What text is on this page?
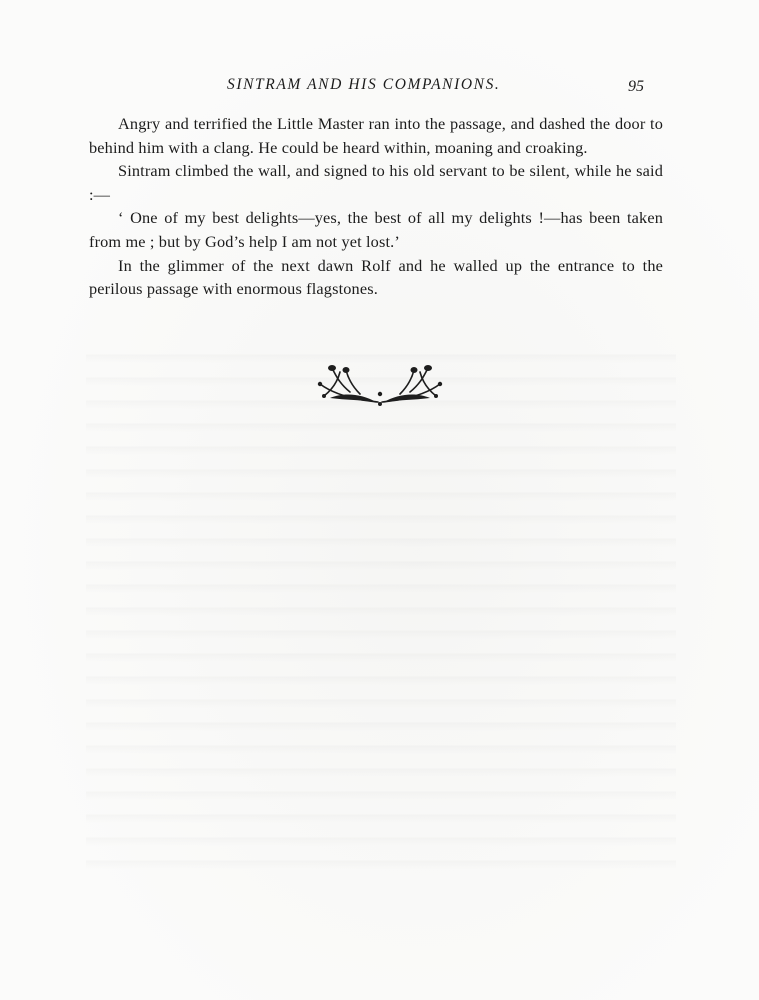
SINTRAM AND HIS COMPANIONS.	95

Angry and terrified the Little Master ran into the passage, and dashed the door to behind him with a clang. He could be heard within, moaning and croaking.

Sintram climbed the wall, and signed to his old servant to be silent, while he said :—

‘ One of my best delights—yes, the best of all my delights !—has been taken from me ; but by God’s help I am not yet lost.’

In the glimmer of the next dawn Rolf and he walled up the entrance to the perilous passage with enormous flagstones.
